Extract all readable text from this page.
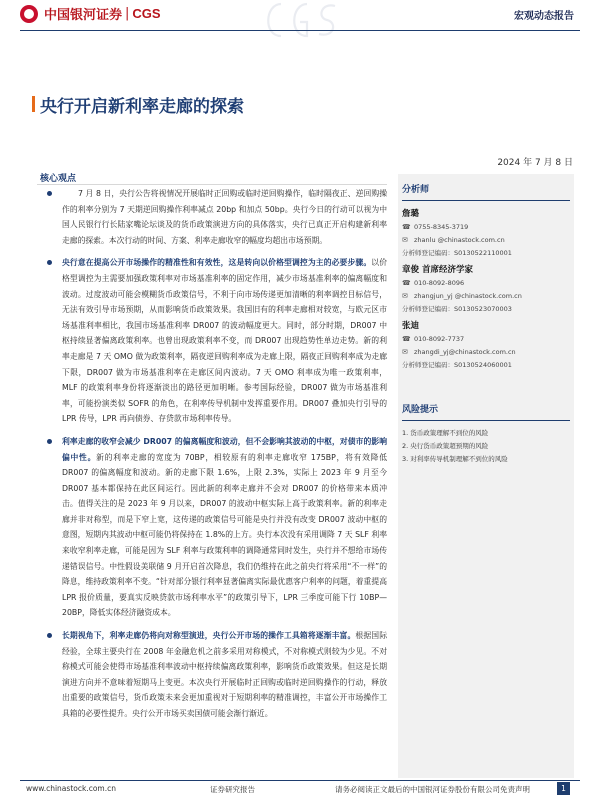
中国银河证券 | CGS	宏观动态报告
央行开启新利率走廊的探索
2024 年 7 月 8 日
核心观点
7 月 8 日，央行公告将视情况开展临时正回购或临时逆回购操作，临时隔夜正、逆回购操作的利率分别为 7 天期逆回购操作利率减点 20bp 和加点 50bp。央行今日的行动可以视为中国人民银行行长陆家嘴论坛谈及的货币政策演进方向的具体落实，央行已真正开启构建新利率走廊的探索。本次行动的时间、方案、利率走廊收窄的幅度均超出市场预期。
央行意在提高公开市场操作的精准性和有效性，这是转向以价格型调控为主的必要步骤。以价格型调控为主需要加强政策利率对市场基准利率的固定作用，减少市场基准利率的偏离幅度和波动。过度波动可能会模糊货币政策信号，不利于向市场传递更加清晰的利率调控目标信号，无法有效引导市场预期，从而影响货币政策效果。我国旧有的利率走廊相对较宽，与欧元区市场基准利率相比，我国市场基准利率 DR007 的波动幅度更大。同时，部分时期，DR007 中枢持续显著偏离政策利率。也曾出现政策利率不变，而 DR007 出现趋势性单边走势。新的利率走廊是 7 天 OMO 做为政策利率，隔夜逆回购利率成为走廊上限，隔夜正回购利率成为走廊下限，DR007 做为市场基准利率在走廊区间内波动。7 天 OMO 利率成为唯一政策利率，MLF 的政策利率身份将逐渐淡出的路径更加明晰。参考国际经验，DR007 做为市场基准利率，可能扮演类似 SOFR 的角色，在利率传导机制中发挥重要作用。DR007 叠加央行引导的 LPR 传导，LPR 再向债券、存贷款市场利率传导。
利率走廊的收窄会减少 DR007 的偏离幅度和波动，但不会影响其波动的中枢，对债市的影响偏中性。新的利率走廊的宽度为 70BP，相较原有的利率走廊收窄 175BP，将有效降低 DR007 的偏离幅度和波动。新的走廊下限 1.6%，上限 2.3%，实际上 2023 年 9 月至今 DR007 基本都保持在此区间运行。因此新的利率走廊并不会对 DR007 的价格带来本质冲击。值得关注的是 2023 年 9 月以来，DR007 的波动中枢实际上高于政策利率。新的利率走廊并非对称型，而是下窄上宽，这传递的政策信号可能是央行并没有改变 DR007 波动中枢的意图，短期内其波动中枢可能仍将保持在 1.8%的上方。央行本次没有采用调降 7 天 SLF 利率来收窄利率走廊，可能是因为 SLF 利率与政策利率的调降通常同时发生，央行并不想给市场传递错误信号。中性假设美联储 9 月开启首次降息，我们仍维持在此之前央行将采用“不一样”的降息，维持政策利率不变。“针对部分银行利率显著偏离实际最优惠客户利率的问题，着重提高 LPR 报价质量，要真实反映贷款市场利率水平”的政策引导下，LPR 三季度可能下行 10BP—20BP，降低实体经济融资成本。
长期视角下，利率走廊仍将向对称型演进，央行公开市场的操作工具箱将逐渐丰富。根据国际经验，全球主要央行在 2008 年金融危机之前多采用对称模式，不对称模式则较为少见。不对称模式可能会使得市场基准利率波动中枢持续偏离政策利率，影响货币政策效果。但这是长期演进方向并不意味着短期马上变更。本次央行开展临时正回购或临时逆回购操作的行动，释放出重要的政策信号，货币政策未来会更加重视对于短期利率的精准调控，丰富公开市场操作工具箱的必要性提升。央行公开市场买卖国债可能会渐行渐近。
分析师
詹璐
☎ 0755-8345-3719
✉ zhanlu @chinastock.com.cn
分析师登记编码：S0130522110001
章俊 首席经济学家
☎ 010-8092-8096
✉ zhangjun_yj @chinastock.com.cn
分析师登记编码：S0130523070003
张迪
☎ 010-8092-7737
✉ zhangdi_yj@chinastock.com.cn
分析师登记编码：S0130524060001
风险提示
1. 货币政策理解不到位的风险
2. 央行货币政策超预期的风险
3. 对利率传导机制理解不到位的风险
www.chinastock.com.cn	证券研究报告	请务必阅读正文最后的中国银河证券股份有限公司免责声明	1
